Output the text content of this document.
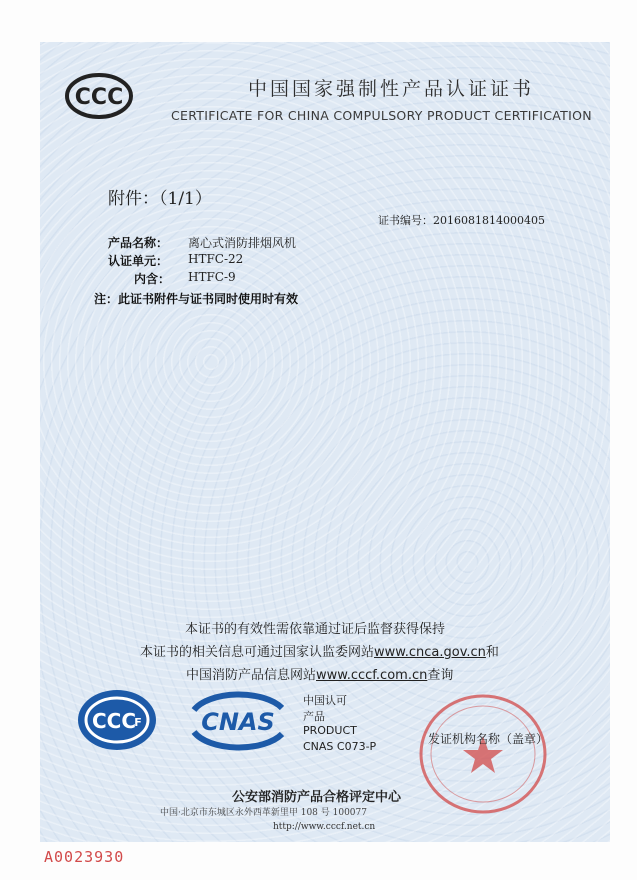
CCC	中国国家强制性产品认证证书

CERTIFICATE FOR CHINA COMPULSORY PRODUCT CERTIFICATION

附件：（1/1）

证书编号：2016081814000405

产品名称： 离心式消防排烟风机

认证单元： HTFC-22

内含： HTFC-9

注：此证书附件与证书同时使用时有效

本证书的有效性需依靠通过证后监督获得保持

本证书的相关信息可通过国家认监委网站www.cnca.gov.cn和

中国消防产品信息网站www.cccf.com.cn查询

CCC
F CNAS

中国认可

产品

PRODUCT

CNAS C073-P

发证机构名称（盖章）

公安部消防产品合格评定中心

中国·北京市东城区永外西革新里甲 108 号 100077

http://www.cccf.net.cn

A0023930
